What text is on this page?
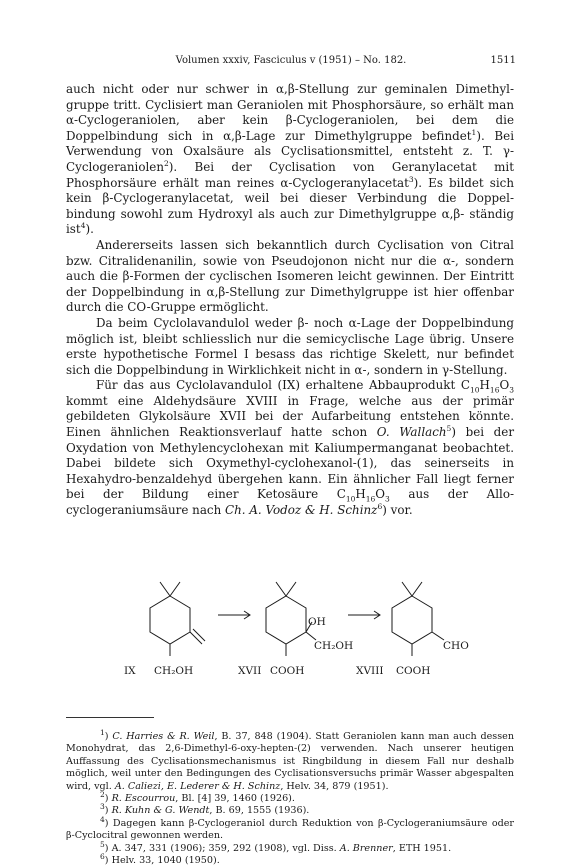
Volumen xxxiv, Fasciculus v (1951) – No. 182.	1511

auch nicht oder nur schwer in α,β-Stellung zur geminalen Dimethyl- gruppe tritt. Cyclisiert man Geraniolen mit Phosphorsäure, so erhält man α-Cyclogeraniolen, aber kein β-Cyclogeraniolen, bei dem die Doppelbindung sich in α,β-Lage zur Dimethylgruppe befindet$^1$). Bei Verwendung von Oxalsäure als Cyclisationsmittel, entsteht z. T. γ-Cyclogeraniolen$^2$). Bei der Cyclisation von Geranylacetat mit Phosphorsäure erhält man reines α-Cyclogeranylacetat$^3$). Es bildet sich kein β-Cyclogeranylacetat, weil bei dieser Verbindung die Doppel- bindung sowohl zum Hydroxyl als auch zur Dimethylgruppe α,β- ständig ist$^4$).

Andererseits lassen sich bekanntlich durch Cyclisation von Citral bzw. Citralidenanilin, sowie von Pseudojonon nicht nur die α-, sondern auch die β-Formen der cyclischen Isomeren leicht gewinnen. Der Eintritt der Doppelbindung in α,β-Stellung zur Dimethylgruppe ist hier offenbar durch die CO-Gruppe ermöglicht.

Da beim Cyclolavandulol weder β- noch α-Lage der Doppelbindung möglich ist, bleibt schliesslich nur die semicyclische Lage übrig. Unsere erste hypothetische Formel I besass das richtige Skelett, nur befindet sich die Doppelbindung in Wirklichkeit nicht in α-, sondern in γ-Stellung.

Für das aus Cyclolavandulol (IX) erhaltene Abbauprodukt $C_{10}H_{16}O_3$ kommt eine Aldehydsäure XVIII in Frage, welche aus der primär gebildeten Glykolsäure XVII bei der Aufarbeitung entstehen könnte. Einen ähnlichen Reaktionsverlauf hatte schon O. Wallach$^5$) bei der Oxydation von Methylencyclohexan mit Kaliumpermanganat beobachtet. Dabei bildete sich Oxymethyl-cyclohexanol-(1), das seinerseits in Hexahydro-benzaldehyd übergehen kann. Ein ähnlicher Fall liegt ferner bei der Bildung einer Ketosäure $C_{10}H_{16}O_3$ aus der Allo-cyclogeraniumsäure nach Ch. A. Vodoz & H. Schinz$^6$) vor.

IX CH₂OH
OH
CH₂OH
XVII COOH
CHO
XVIII COOH

$^1$) C. Harries & R. Weil, B. 37, 848 (1904). Statt Geraniolen kann man auch dessen Monohydrat, das 2,6-Dimethyl-6-oxy-hepten-(2) verwenden. Nach unserer heutigen Auffassung des Cyclisationsmechanismus ist Ringbildung in diesem Fall nur deshalb möglich, weil unter den Bedingungen des Cyclisationsversuchs primär Wasser abgespalten wird, vgl. A. Caliezi, E. Lederer & H. Schinz, Helv. 34, 879 (1951).

$^2$) R. Escourrou, Bl. [4] 39, 1460 (1926).

$^3$) R. Kuhn & G. Wendt, B. 69, 1555 (1936).

$^4$) Dagegen kann β-Cyclogeraniol durch Reduktion von β-Cyclogeraniumsäure oder β-Cyclocitral gewonnen werden.

$^5$) A. 347, 331 (1906); 359, 292 (1908), vgl. Diss. A. Brenner, ETH 1951.

$^6$) Helv. 33, 1040 (1950).
